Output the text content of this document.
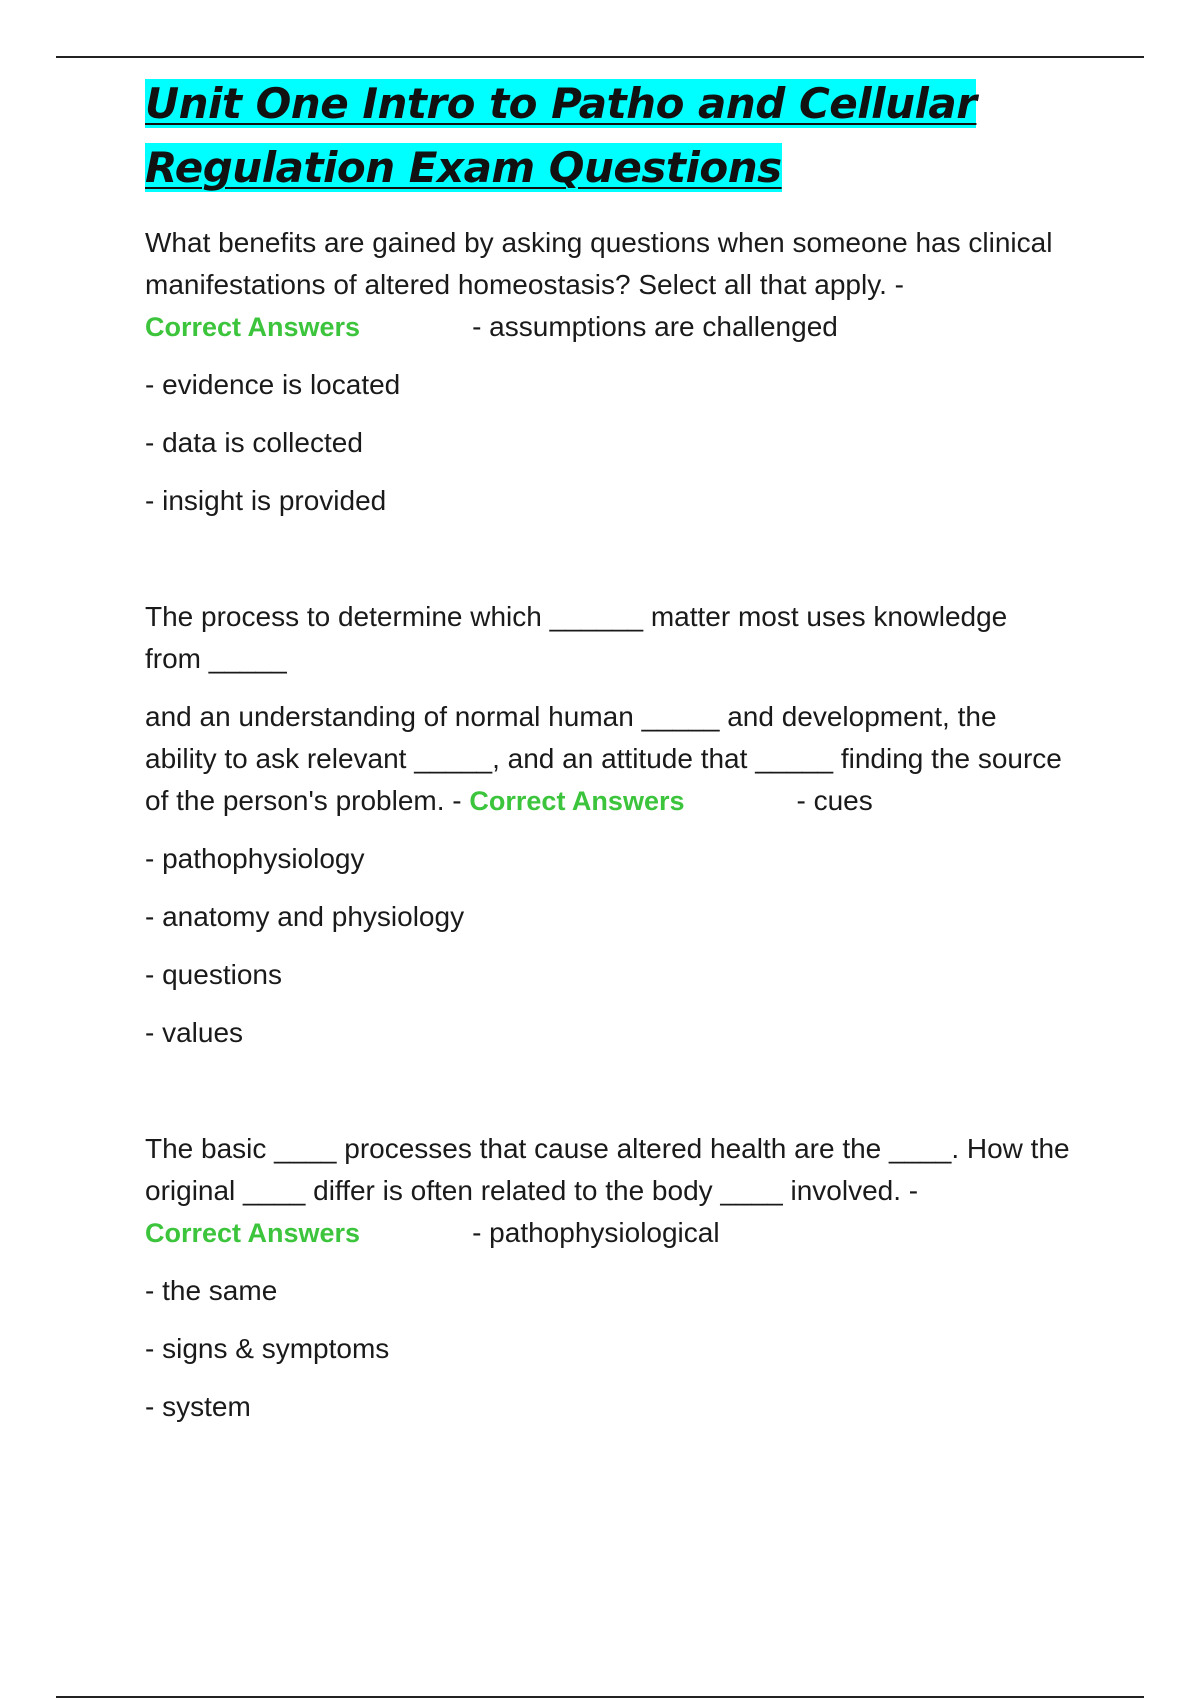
Unit One Intro to Patho and Cellular Regulation Exam Questions

What benefits are gained by asking questions when someone has clinical manifestations of altered homeostasis? Select all that apply. -
Correct Answers	- assumptions are challenged

- evidence is located
- data is collected
- insight is provided

The process to determine which ______ matter most uses knowledge from _____

and an understanding of normal human _____ and development, the ability to ask relevant _____, and an attitude that _____ finding the source of the person's problem. - Correct Answers	- cues

- pathophysiology
- anatomy and physiology
- questions
- values

The basic ____ processes that cause altered health are the ____. How the original ____ differ is often related to the body ____ involved. -
Correct Answers	- pathophysiological

- the same
- signs & symptoms
- system
